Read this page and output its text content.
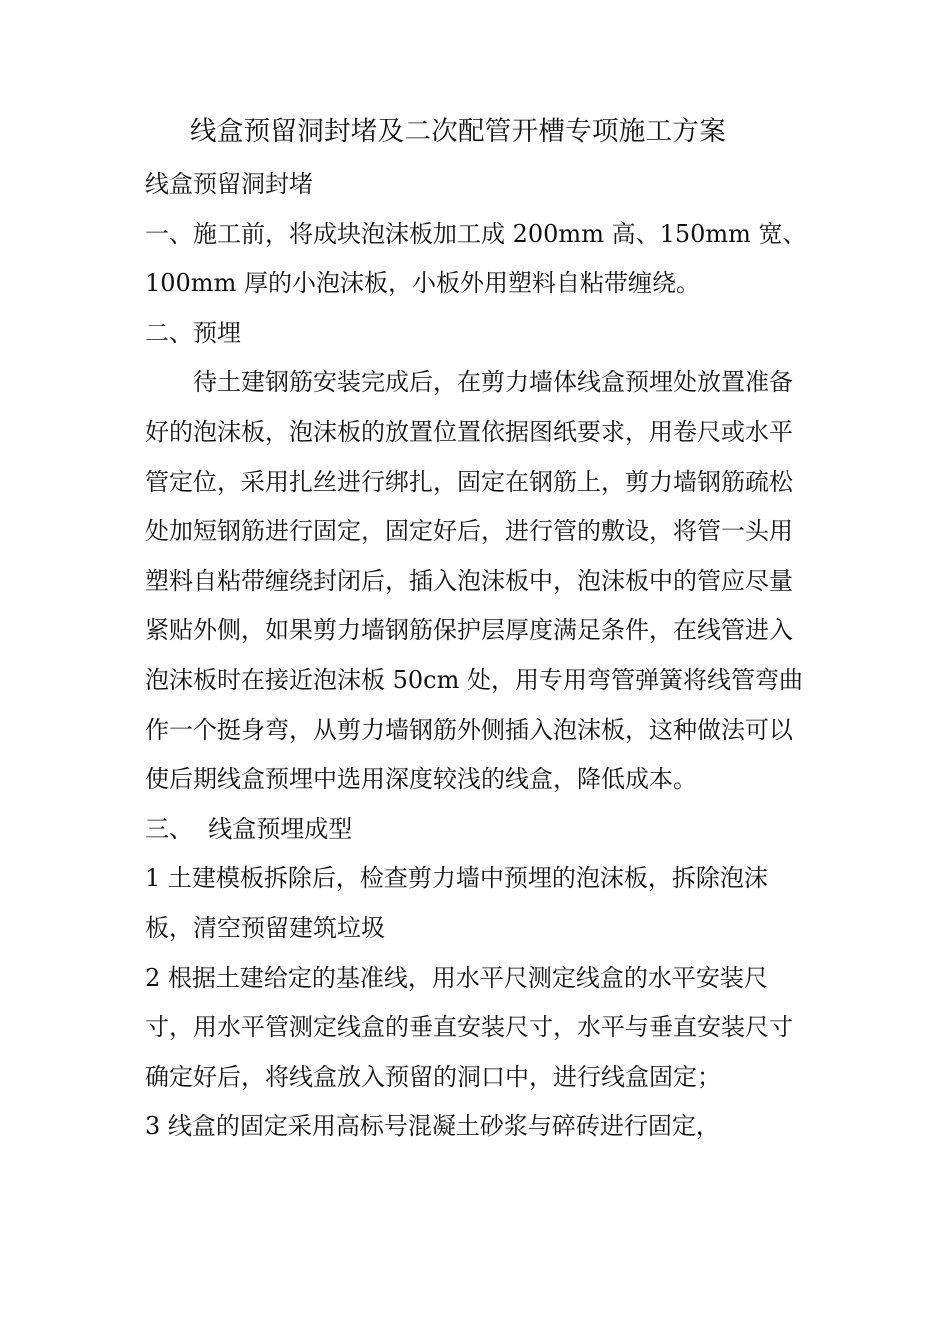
线盒预留洞封堵及二次配管开槽专项施工方案

线盒预留洞封堵

一、施工前，将成块泡沫板加工成 200mm 高、150mm 宽、100mm 厚的小泡沫板，小板外用塑料自粘带缠绕。

二、预埋

待土建钢筋安装完成后，在剪力墙体线盒预埋处放置准备好的泡沫板，泡沫板的放置位置依据图纸要求，用卷尺或水平管定位，采用扎丝进行绑扎，固定在钢筋上，剪力墙钢筋疏松处加短钢筋进行固定，固定好后，进行管的敷设，将管一头用塑料自粘带缠绕封闭后，插入泡沫板中，泡沫板中的管应尽量紧贴外侧，如果剪力墙钢筋保护层厚度满足条件，在线管进入泡沫板时在接近泡沫板 50cm 处，用专用弯管弹簧将线管弯曲作一个挺身弯，从剪力墙钢筋外侧插入泡沫板，这种做法可以使后期线盒预埋中选用深度较浅的线盒，降低成本。

三、  线盒预埋成型

1 土建模板拆除后，检查剪力墙中预埋的泡沫板，拆除泡沫板，清空预留建筑垃圾

2 根据土建给定的基准线，用水平尺测定线盒的水平安装尺寸，用水平管测定线盒的垂直安装尺寸，水平与垂直安装尺寸确定好后，将线盒放入预留的洞口中，进行线盒固定；

3 线盒的固定采用高标号混凝土砂浆与碎砖进行固定，
